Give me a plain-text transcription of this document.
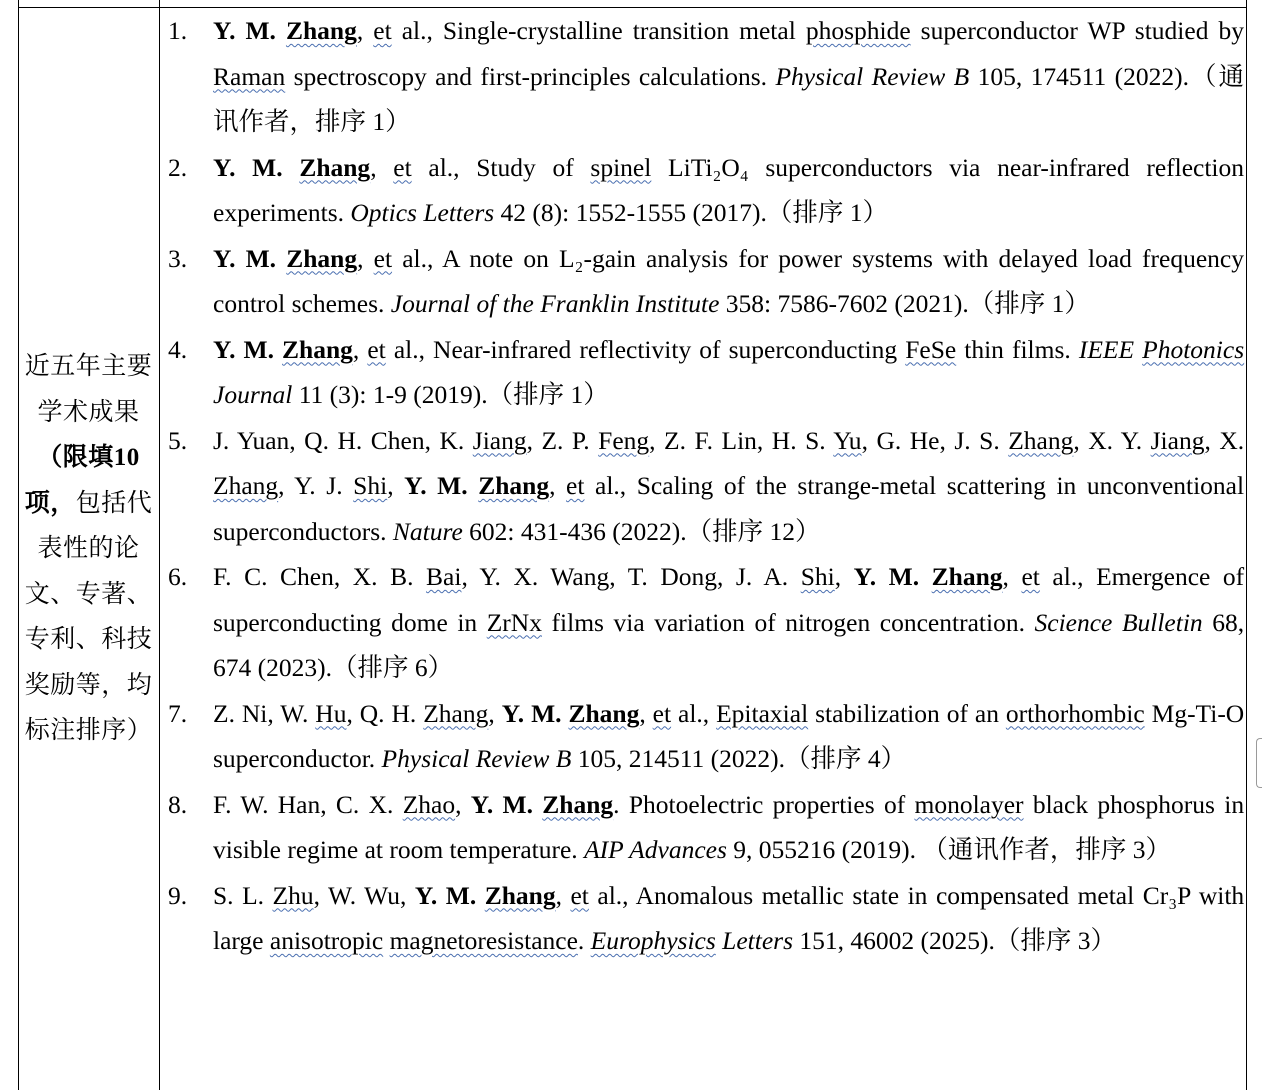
近五年主要学术成果（限填10项，包括代表性的论文、专著、专利、科技奖励等，均标注排序）
1. Y. M. Zhang, et al., Single-crystalline transition metal phosphide superconductor WP studied by Raman spectroscopy and first-principles calculations. Physical Review B 105, 174511 (2022).（通讯作者，排序 1）
2. Y. M. Zhang, et al., Study of spinel LiTi₂O₄ superconductors via near-infrared reflection experiments. Optics Letters 42 (8): 1552-1555 (2017).（排序 1）
3. Y. M. Zhang, et al., A note on L₂-gain analysis for power systems with delayed load frequency control schemes. Journal of the Franklin Institute 358: 7586-7602 (2021).（排序 1）
4. Y. M. Zhang, et al., Near-infrared reflectivity of superconducting FeSe thin films. IEEE Photonics Journal 11 (3): 1-9 (2019).（排序 1）
5. J. Yuan, Q. H. Chen, K. Jiang, Z. P. Feng, Z. F. Lin, H. S. Yu, G. He, J. S. Zhang, X. Y. Jiang, X. Zhang, Y. J. Shi, Y. M. Zhang, et al., Scaling of the strange-metal scattering in unconventional superconductors. Nature 602: 431-436 (2022).（排序 12）
6. F. C. Chen, X. B. Bai, Y. X. Wang, T. Dong, J. A. Shi, Y. M. Zhang, et al., Emergence of superconducting dome in ZrNx films via variation of nitrogen concentration. Science Bulletin 68, 674 (2023).（排序 6）
7. Z. Ni, W. Hu, Q. H. Zhang, Y. M. Zhang, et al., Epitaxial stabilization of an orthorhombic Mg-Ti-O superconductor. Physical Review B 105, 214511 (2022).（排序 4）
8. F. W. Han, C. X. Zhao, Y. M. Zhang. Photoelectric properties of monolayer black phosphorus in visible regime at room temperature. AIP Advances 9, 055216 (2019). （通讯作者，排序 3）
9. S. L. Zhu, W. Wu, Y. M. Zhang, et al., Anomalous metallic state in compensated metal Cr₃P with large anisotropic magnetoresistance. Europhysics Letters 151, 46002 (2025).（排序 3）
